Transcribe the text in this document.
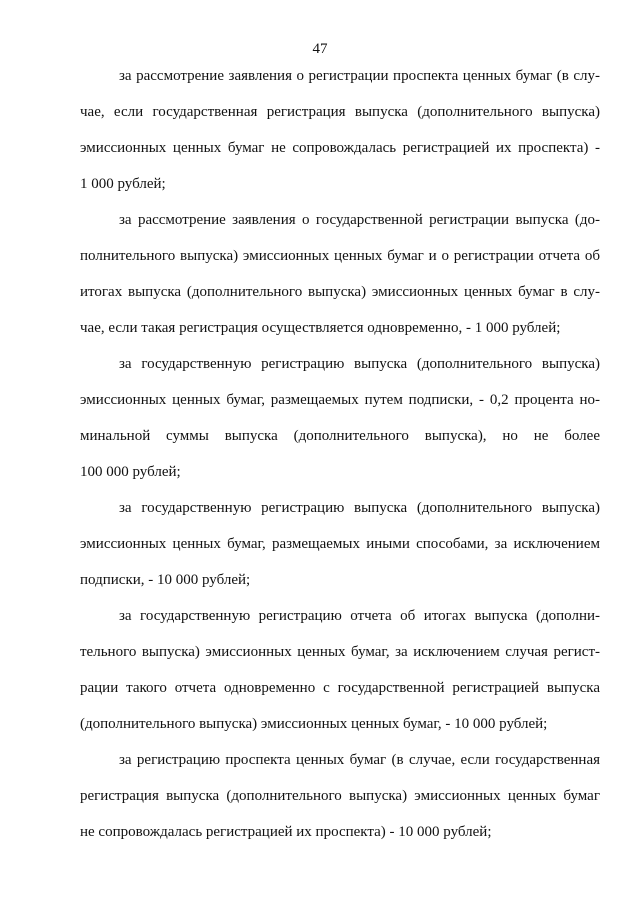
47
за рассмотрение заявления о регистрации проспекта ценных бумаг (в слу-
чае, если государственная регистрация выпуска (дополнительного выпуска)
эмиссионных ценных бумаг не сопровождалась регистрацией их проспекта) -
1 000 рублей;
за рассмотрение заявления о государственной регистрации выпуска (до-
полнительного выпуска) эмиссионных ценных бумаг и о регистрации отчета об
итогах выпуска (дополнительного выпуска) эмиссионных ценных бумаг в слу-
чае, если такая регистрация осуществляется одновременно, - 1 000 рублей;
за государственную регистрацию выпуска (дополнительного выпуска)
эмиссионных ценных бумаг, размещаемых путем подписки, - 0,2 процента но-
минальной суммы выпуска (дополнительного выпуска), но не более
100 000 рублей;
за государственную регистрацию выпуска (дополнительного выпуска)
эмиссионных ценных бумаг, размещаемых иными способами, за исключением
подписки, - 10 000 рублей;
за государственную регистрацию отчета об итогах выпуска (дополни-
тельного выпуска) эмиссионных ценных бумаг, за исключением случая регист-
рации такого отчета одновременно с государственной регистрацией выпуска
(дополнительного выпуска) эмиссионных ценных бумаг, - 10 000 рублей;
за регистрацию проспекта ценных бумаг (в случае, если государственная
регистрация выпуска (дополнительного выпуска) эмиссионных ценных бумаг
не сопровождалась регистрацией их проспекта) - 10 000 рублей;
